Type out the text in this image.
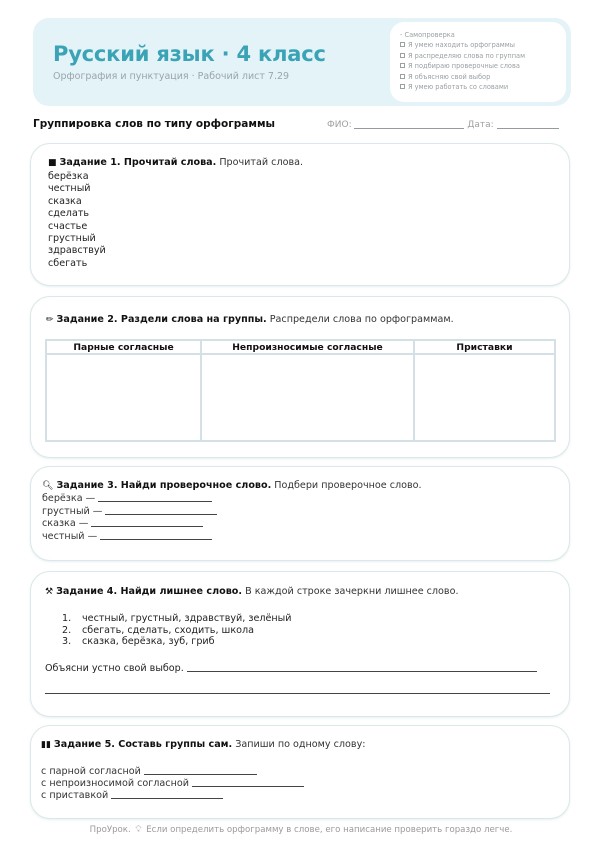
Русский язык · 4 класс
Орфография и пунктуация · Рабочий лист 7.29
- Самопроверка
Я умею находить орфограммы
Я распределяю слова по группам
Я подбираю проверочные слова
Я объясняю свой выбор
Я умею работать со словами
Группировка слов по типу орфограммы	ФИО:	Дата:
■ Задание 1. Прочитай слова. Прочитай слова.
берёзка
честный
сказка
сделать
счастье
грустный
здравствуй
сбегать
✏ Задание 2. Раздели слова на группы. Распредели слова по орфограммам.
Парные согласные	Непроизносимые согласные	Приставки

🔍︎ Задание 3. Найди проверочное слово. Подбери проверочное слово.
берёзка —
грустный —
сказка —
честный —
⚒ Задание 4. Найди лишнее слово. В каждой строке зачеркни лишнее слово.
1. честный, грустный, здравствуй, зелёный
2. сбегать, сделать, сходить, школа
3. сказка, берёзка, зуб, гриб
Объясни устно свой выбор.
▮▮ Задание 5. Составь группы сам. Запиши по одному слову:
с парной согласной
с непроизносимой согласной
с приставкой
ПроУрок. 💡︎ Если определить орфограмму в слове, его написание проверить гораздо легче.
